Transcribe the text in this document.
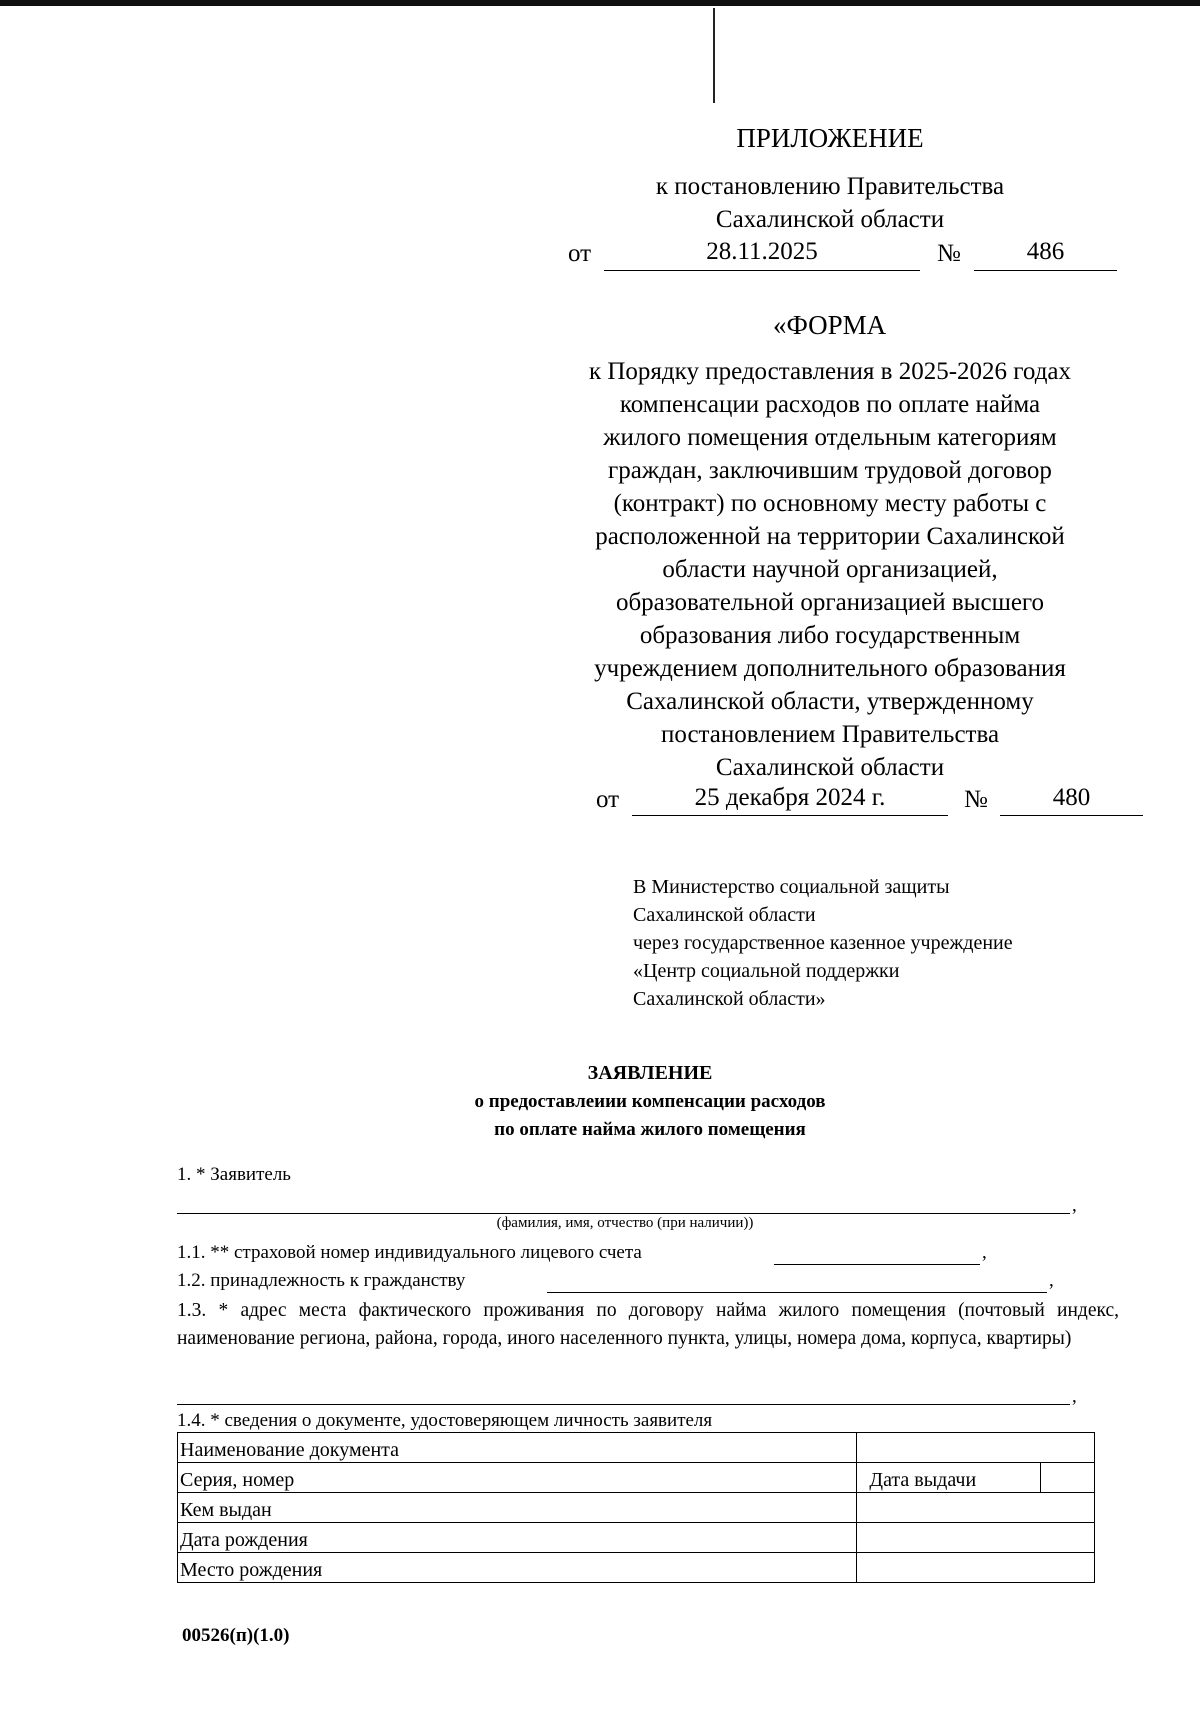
ПРИЛОЖЕНИЕ
к постановлению Правительства
Сахалинской области
от	28.11.2025	№	486
«ФОРМА
к Порядку предоставления в 2025-2026 годах
компенсации расходов по оплате найма
жилого помещения отдельным категориям
граждан, заключившим трудовой договор
(контракт) по основному месту работы с
расположенной на территории Сахалинской
области научной организацией,
образовательной организацией высшего
образования либо государственным
учреждением дополнительного образования
Сахалинской области, утвержденному
постановлением Правительства
Сахалинской области
от	25 декабря 2024 г.	№	480
В Министерство социальной защиты
Сахалинской области
через государственное казенное учреждение
«Центр социальной поддержки
Сахалинской области»
ЗАЯВЛЕНИЕ
о предоставлеиии компенсации расходов
по оплате найма жилого помещения
1. * Заявитель
,
(фамилия, имя, отчество (при наличии))
1.1. ** страховой номер индивидуального лицевого счета	,
1.2. принадлежность к гражданству	,
1.3. * адрес места фактического проживания по договору найма жилого помещения (почтовый индекс, наименование региона, района, города, иного населенного пункта, улицы, номера дома, корпуса, квартиры)
,
1.4. * сведения о документе, удостоверяющем личность заявителя
Наименование документа		
Серия, номер	Дата выдачи	
Кем выдан		
Дата рождения		
Место рождения		
00526(п)(1.0)
